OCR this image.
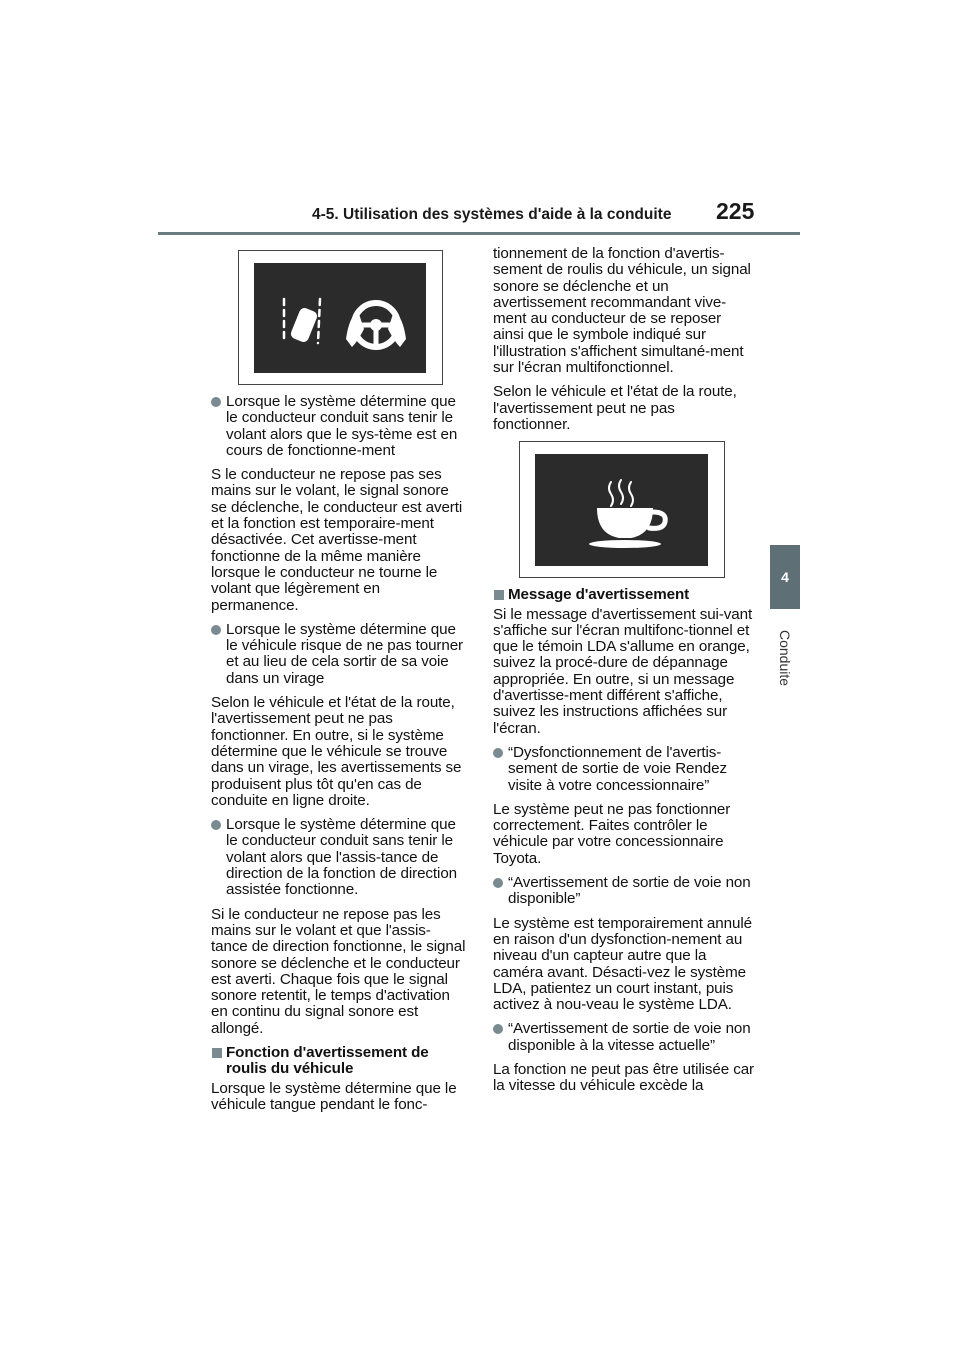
4-5. Utilisation des systèmes d'aide à la conduite 225
4
Conduite
Lorsque le système détermine que le conducteur conduit sans tenir le volant alors que le sys-tème est en cours de fonctionne-ment

S le conducteur ne repose pas ses mains sur le volant, le signal sonore se déclenche, le conducteur est averti et la fonction est temporaire-ment désactivée. Cet avertisse-ment fonctionne de la même manière lorsque le conducteur ne tourne le volant que légèrement en permanence.

Lorsque le système détermine que le véhicule risque de ne pas tourner et au lieu de cela sortir de sa voie dans un virage

Selon le véhicule et l'état de la route, l'avertissement peut ne pas fonctionner. En outre, si le système détermine que le véhicule se trouve dans un virage, les avertissements se produisent plus tôt qu'en cas de conduite en ligne droite.

Lorsque le système détermine que le conducteur conduit sans tenir le volant alors que l'assis-tance de direction de la fonction de direction assistée fonctionne.

Si le conducteur ne repose pas les mains sur le volant et que l'assis-tance de direction fonctionne, le signal sonore se déclenche et le conducteur est averti. Chaque fois que le signal sonore retentit, le temps d'activation en continu du signal sonore est allongé.

Fonction d'avertissement de roulis du véhicule

Lorsque le système détermine que le véhicule tangue pendant le fonc-

tionnement de la fonction d'avertis-sement de roulis du véhicule, un signal sonore se déclenche et un avertissement recommandant vive-ment au conducteur de se reposer ainsi que le symbole indiqué sur l'illustration s'affichent simultané-ment sur l'écran multifonctionnel.

Selon le véhicule et l'état de la route, l'avertissement peut ne pas fonctionner.

Message d'avertissement

Si le message d'avertissement sui-vant s'affiche sur l'écran multifonc-tionnel et que le témoin LDA s'allume en orange, suivez la procé-dure de dépannage appropriée. En outre, si un message d'avertisse-ment différent s'affiche, suivez les instructions affichées sur l'écran.

“Dysfonctionnement de l'avertis-sement de sortie de voie Rendez visite à votre concessionnaire”

Le système peut ne pas fonctionner correctement. Faites contrôler le véhicule par votre concessionnaire Toyota.

“Avertissement de sortie de voie non disponible”

Le système est temporairement annulé en raison d'un dysfonction-nement au niveau d'un capteur autre que la caméra avant. Désacti-vez le système LDA, patientez un court instant, puis activez à nou-veau le système LDA.

“Avertissement de sortie de voie non disponible à la vitesse actuelle”

La fonction ne peut pas être utilisée car la vitesse du véhicule excède la
